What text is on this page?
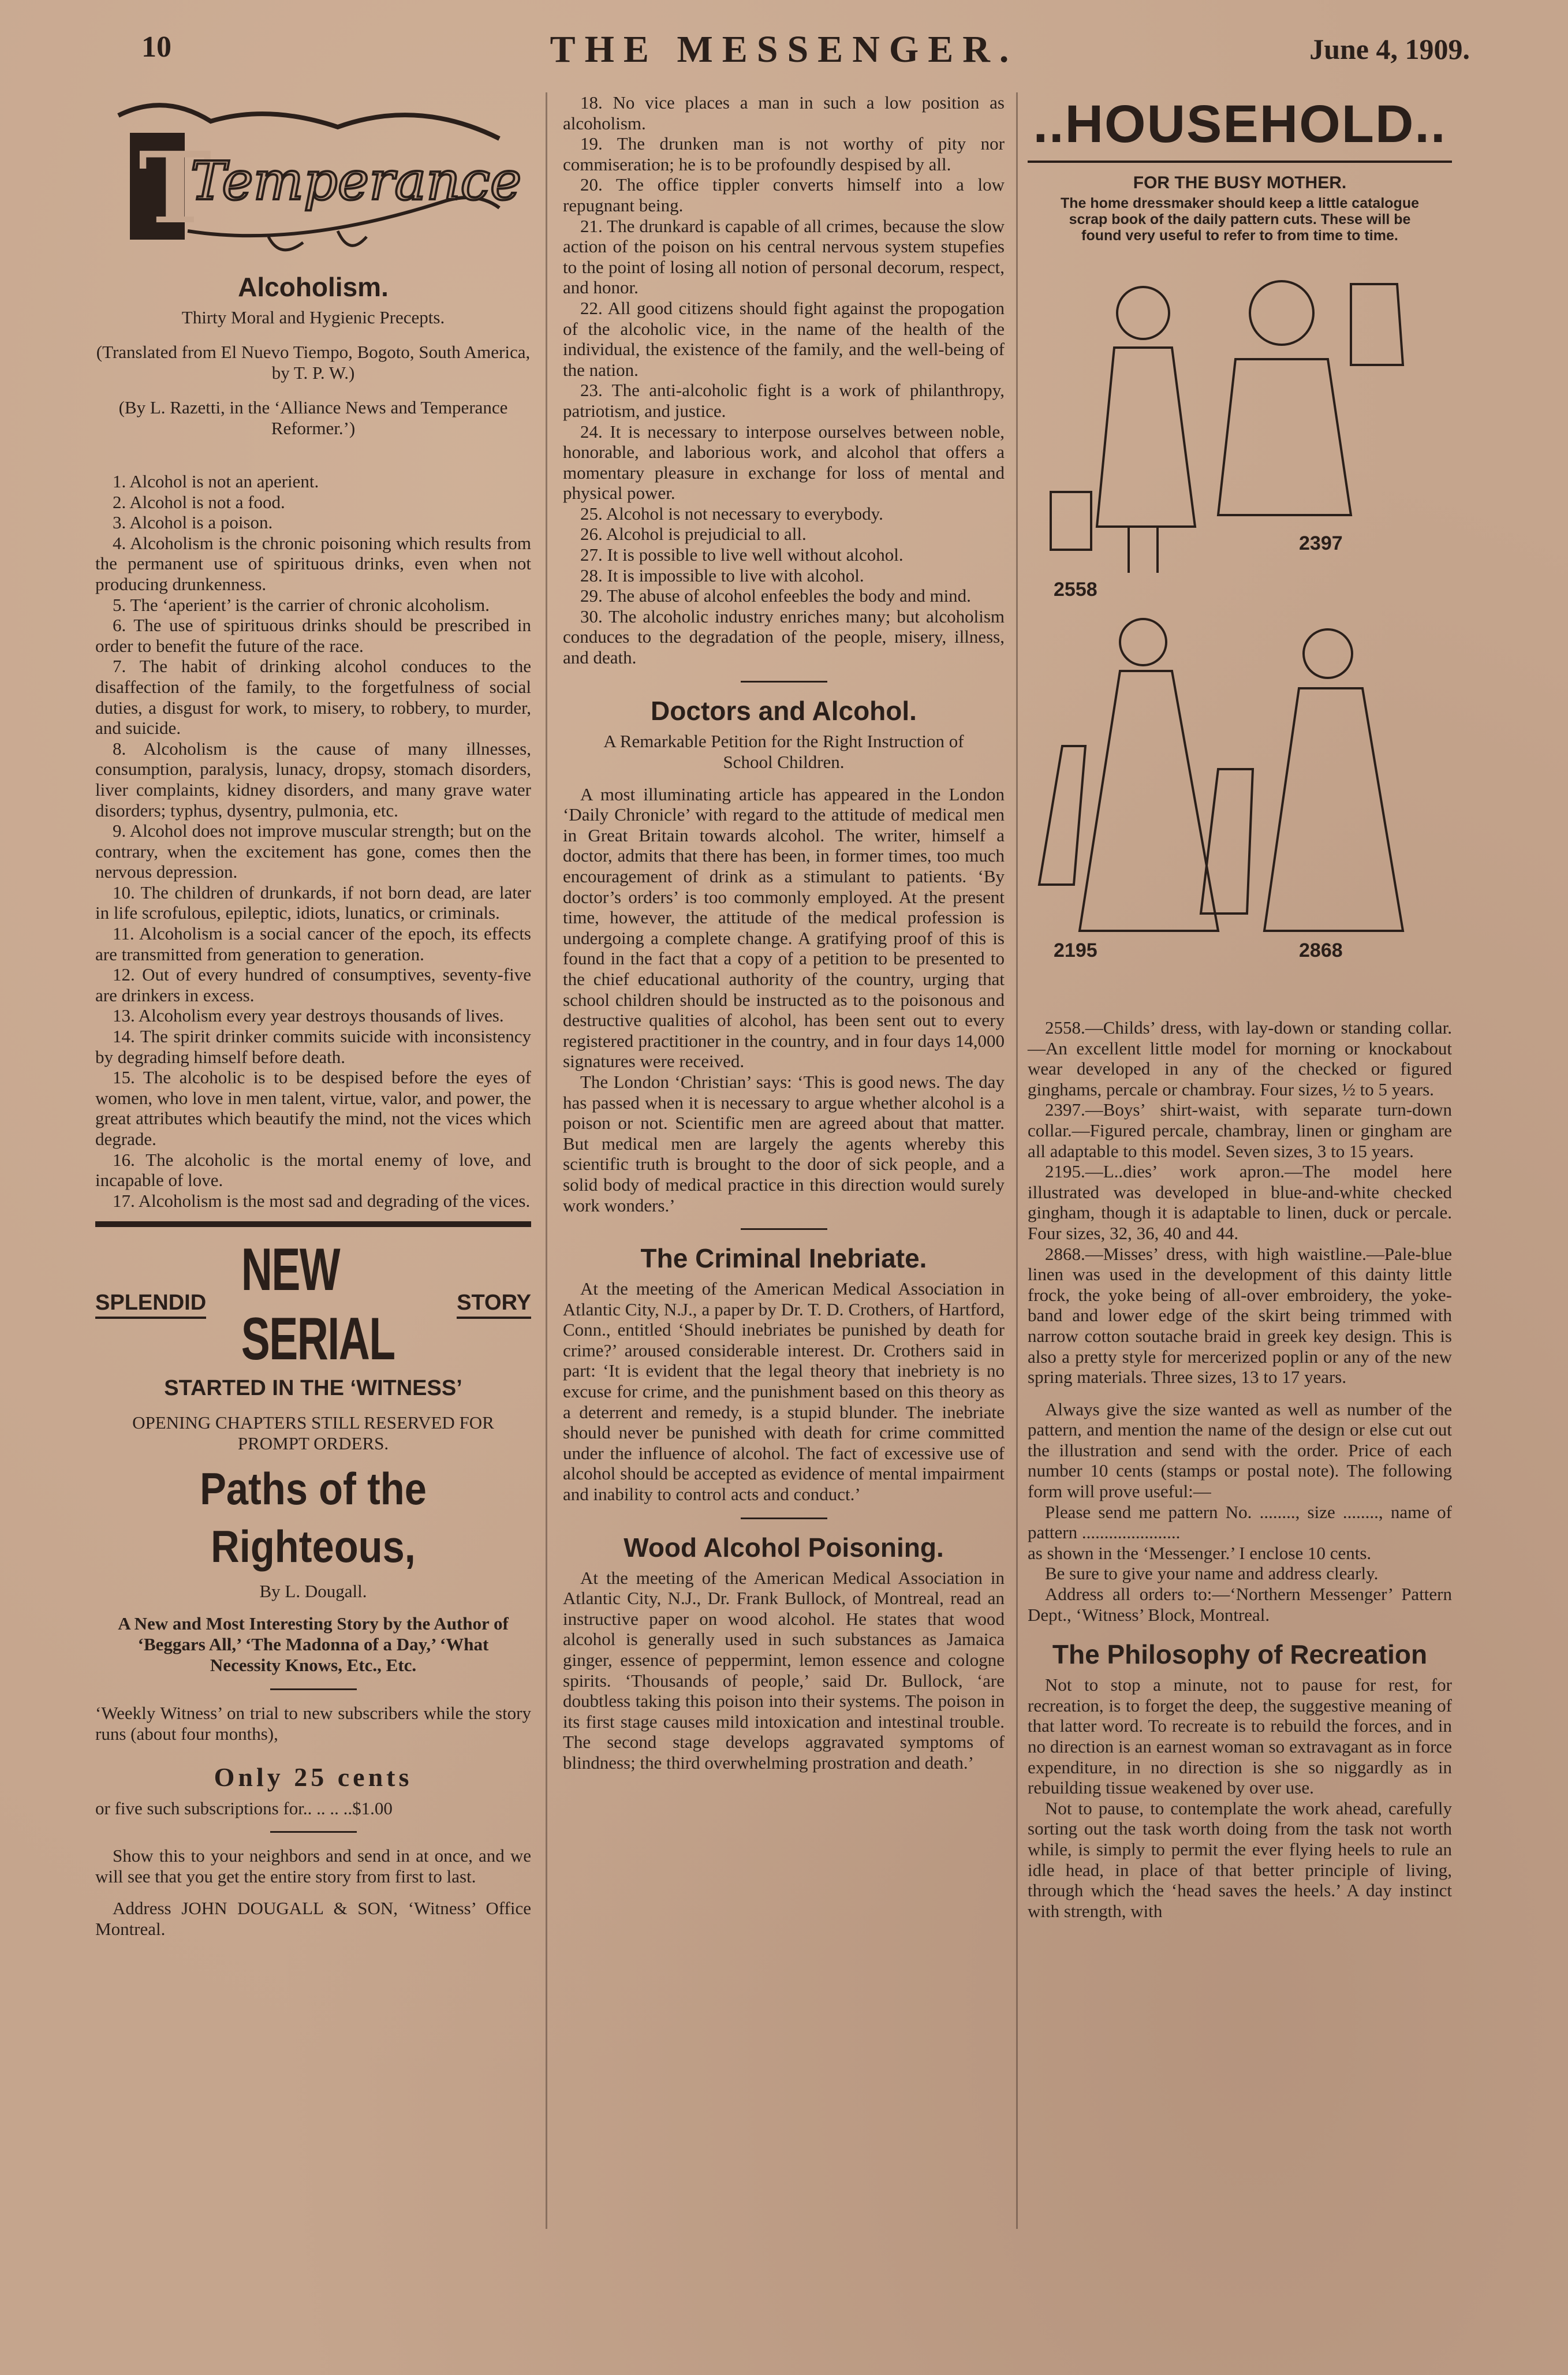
10	THE MESSENGER.	June 4, 1909.
T
Temperance
Alcoholism.

Thirty Moral and Hygienic Precepts.

(Translated from El Nuevo Tiempo, Bogoto, South America, by T. P. W.)

(By L. Razetti, in the ‘Alliance News and Temperance Reformer.’)

1. Alcohol is not an aperient.

2. Alcohol is not a food.

3. Alcohol is a poison.

4. Alcoholism is the chronic poisoning which results from the permanent use of spirituous drinks, even when not producing drunkenness.

5. The ‘aperient’ is the carrier of chronic alcoholism.

6. The use of spirituous drinks should be prescribed in order to benefit the future of the race.

7. The habit of drinking alcohol conduces to the disaffection of the family, to the forgetfulness of social duties, a disgust for work, to misery, to robbery, to murder, and suicide.

8. Alcoholism is the cause of many illnesses, consumption, paralysis, lunacy, dropsy, stomach disorders, liver complaints, kidney disorders, and many grave water disorders; typhus, dysentry, pulmonia, etc.

9. Alcohol does not improve muscular strength; but on the contrary, when the excitement has gone, comes then the nervous depression.

10. The children of drunkards, if not born dead, are later in life scrofulous, epileptic, idiots, lunatics, or criminals.

11. Alcoholism is a social cancer of the epoch, its effects are transmitted from generation to generation.

12. Out of every hundred of consumptives, seventy-five are drinkers in excess.

13. Alcoholism every year destroys thousands of lives.

14. The spirit drinker commits suicide with inconsistency by degrading himself before death.

15. The alcoholic is to be despised before the eyes of women, who love in men talent, virtue, valor, and power, the great attributes which beautify the mind, not the vices which degrade.

16. The alcoholic is the mortal enemy of love, and incapable of love.

17. Alcoholism is the most sad and degrading of the vices.

SPLENDID NEW SERIAL
STORY

STARTED IN THE ‘WITNESS’

OPENING CHAPTERS STILL RESERVED FOR PROMPT ORDERS.

Paths of the Righteous,

By L. Dougall.

A New and Most Interesting Story by the Author of ‘Beggars All,’ ‘The Madonna of a Day,’ ‘What Necessity Knows, Etc., Etc.

‘Weekly Witness’ on trial to new subscribers while the story runs (about four months),

Only 25 cents

or five such subscriptions for.. .. .. ..$1.00

Show this to your neighbors and send in at once, and we will see that you get the entire story from first to last.

Address JOHN DOUGALL & SON, ‘Witness’ Office Montreal.

18. No vice places a man in such a low position as alcoholism.

19. The drunken man is not worthy of pity nor commiseration; he is to be profoundly despised by all.

20. The office tippler converts himself into a low repugnant being.

21. The drunkard is capable of all crimes, because the slow action of the poison on his central nervous system stupefies to the point of losing all notion of personal decorum, respect, and honor.

22. All good citizens should fight against the propogation of the alcoholic vice, in the name of the health of the individual, the existence of the family, and the well-being of the nation.

23. The anti-alcoholic fight is a work of philanthropy, patriotism, and justice.

24. It is necessary to interpose ourselves between noble, honorable, and laborious work, and alcohol that offers a momentary pleasure in exchange for loss of mental and physical power.

25. Alcohol is not necessary to everybody.

26. Alcohol is prejudicial to all.

27. It is possible to live well without alcohol.

28. It is impossible to live with alcohol.

29. The abuse of alcohol enfeebles the body and mind.

30. The alcoholic industry enriches many; but alcoholism conduces to the degradation of the people, misery, illness, and death.

Doctors and Alcohol.

A Remarkable Petition for the Right Instruction of School Children.

A most illuminating article has appeared in the London ‘Daily Chronicle’ with regard to the attitude of medical men in Great Britain towards alcohol. The writer, himself a doctor, admits that there has been, in former times, too much encouragement of drink as a stimulant to patients. ‘By doctor’s orders’ is too commonly employed. At the present time, however, the attitude of the medical profession is undergoing a complete change. A gratifying proof of this is found in the fact that a copy of a petition to be presented to the chief educational authority of the country, urging that school children should be instructed as to the poisonous and destructive qualities of alcohol, has been sent out to every registered practitioner in the country, and in four days 14,000 signatures were received.

The London ‘Christian’ says: ‘This is good news. The day has passed when it is necessary to argue whether alcohol is a poison or not. Scientific men are agreed about that matter. But medical men are largely the agents whereby this scientific truth is brought to the door of sick people, and a solid body of medical practice in this direction would surely work wonders.’

The Criminal Inebriate.

At the meeting of the American Medical Association in Atlantic City, N.J., a paper by Dr. T. D. Crothers, of Hartford, Conn., entitled ‘Should inebriates be punished by death for crime?’ aroused considerable interest. Dr. Crothers said in part: ‘It is evident that the legal theory that inebriety is no excuse for crime, and the punishment based on this theory as a deterrent and remedy, is a stupid blunder. The inebriate should never be punished with death for crime committed under the influence of alcohol. The fact of excessive use of alcohol should be accepted as evidence of mental impairment and inability to control acts and conduct.’

Wood Alcohol Poisoning.

At the meeting of the American Medical Association in Atlantic City, N.J., Dr. Frank Bullock, of Montreal, read an instructive paper on wood alcohol. He states that wood alcohol is generally used in such substances as Jamaica ginger, essence of peppermint, lemon essence and cologne spirits. ‘Thousands of people,’ said Dr. Bullock, ‘are doubtless taking this poison into their systems. The poison in its first stage causes mild intoxication and intestinal trouble. The second stage develops aggravated symptoms of blindness; the third overwhelming prostration and death.’

..HOUSEHOLD..

FOR THE BUSY MOTHER.

The home dressmaker should keep a little catalogue scrap book of the daily pattern cuts. These will be found very useful to refer to from time to time.

2558
2397
2195	2868

2558.—Childs’ dress, with lay-down or standing collar.—An excellent little model for morning or knockabout wear developed in any of the checked or figured ginghams, percale or chambray. Four sizes, ½ to 5 years.

2397.—Boys’ shirt-waist, with separate turn-down collar.—Figured percale, chambray, linen or gingham are all adaptable to this model. Seven sizes, 3 to 15 years.

2195.—L..dies’ work apron.—The model here illustrated was developed in blue-and-white checked gingham, though it is adaptable to linen, duck or percale. Four sizes, 32, 36, 40 and 44.

2868.—Misses’ dress, with high waistline.—Pale-blue linen was used in the development of this dainty little frock, the yoke being of all-over embroidery, the yoke-band and lower edge of the skirt being trimmed with narrow cotton soutache braid in greek key design. This is also a pretty style for mercerized poplin or any of the new spring materials. Three sizes, 13 to 17 years.

Always give the size wanted as well as number of the pattern, and mention the name of the design or else cut out the illustration and send with the order. Price of each number 10 cents (stamps or postal note). The following form will prove useful:—

Please send me pattern No. ........, size ........, name of pattern ......................

as shown in the ‘Messenger.’ I enclose 10 cents.

Be sure to give your name and address clearly.

Address all orders to:—‘Northern Messenger’ Pattern Dept., ‘Witness’ Block, Montreal.

The Philosophy of Recreation

Not to stop a minute, not to pause for rest, for recreation, is to forget the deep, the suggestive meaning of that latter word. To recreate is to rebuild the forces, and in no direction is an earnest woman so extravagant as in force expenditure, in no direction is she so niggardly as in rebuilding tissue weakened by over use.

Not to pause, to contemplate the work ahead, carefully sorting out the task worth doing from the task not worth while, is simply to permit the ever flying heels to rule an idle head, in place of that better principle of living, through which the ‘head saves the heels.’ A day instinct with strength, with
